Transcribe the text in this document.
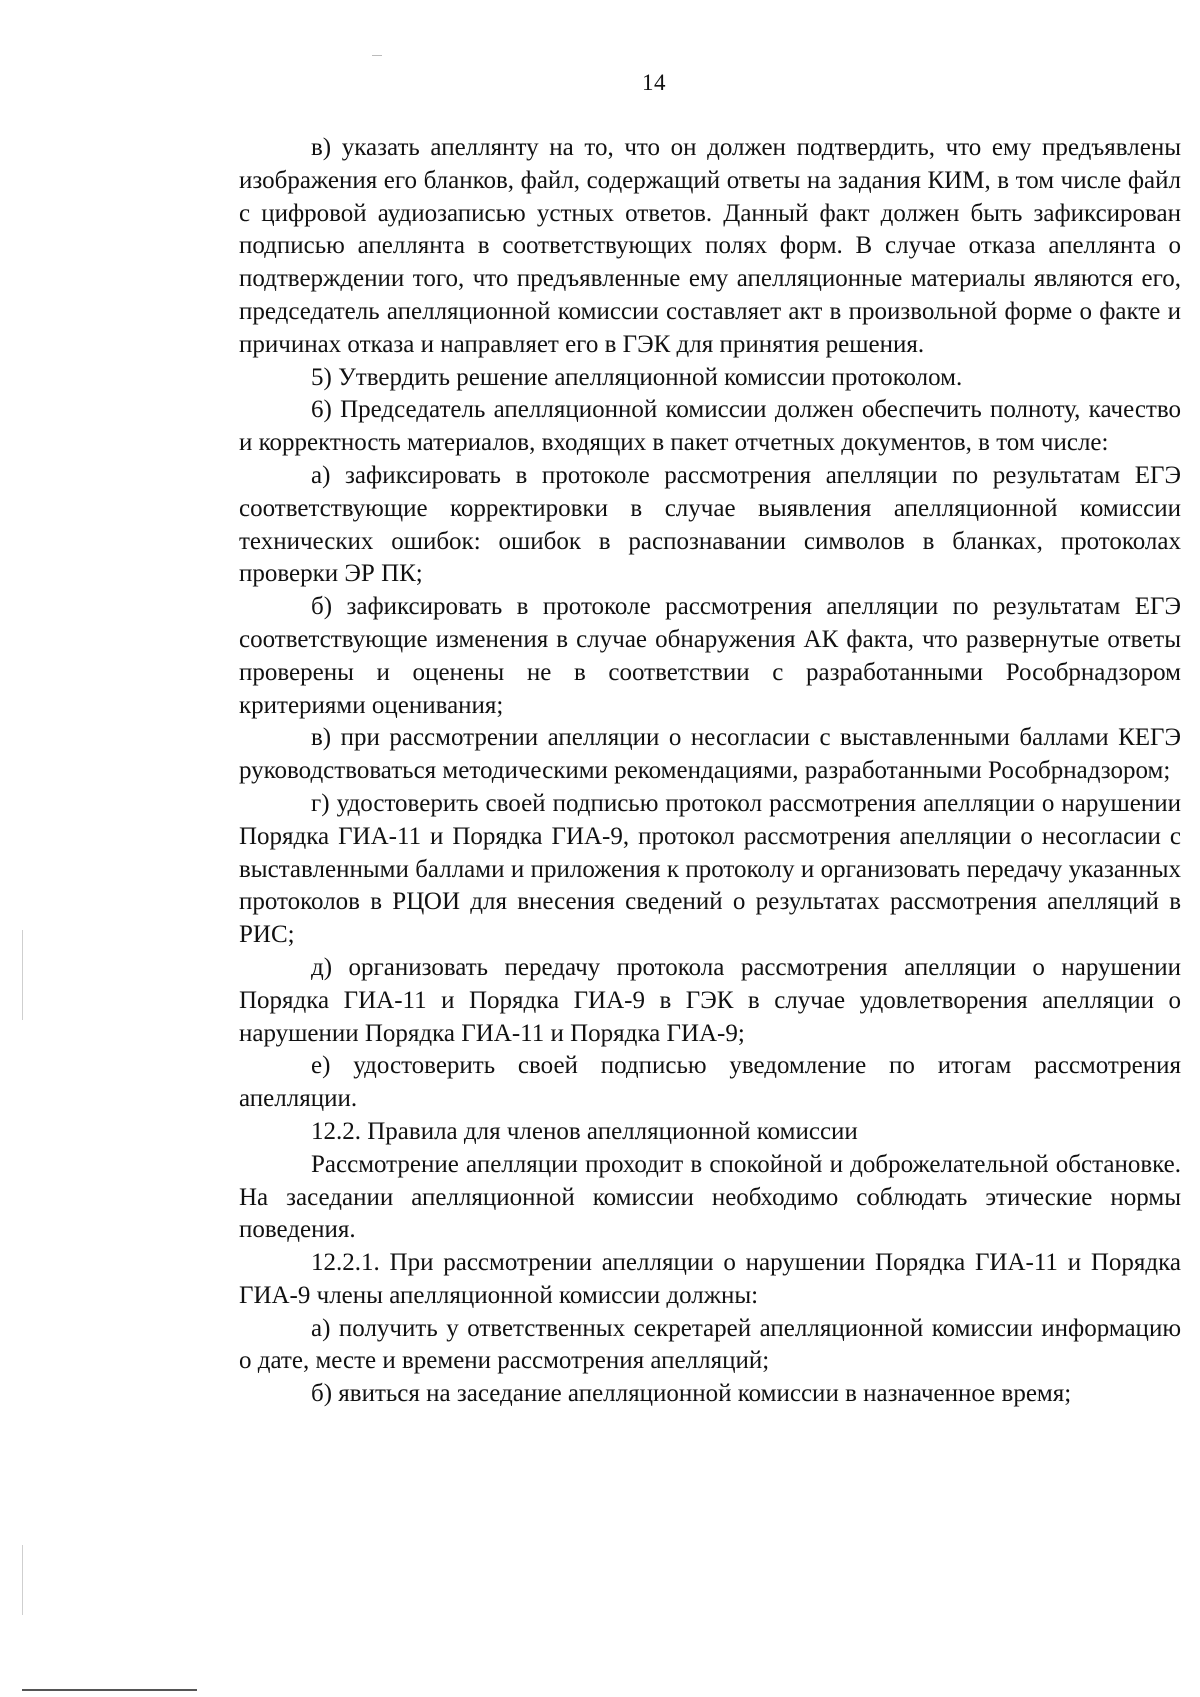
14

в) указать апеллянту на то, что он должен подтвердить, что ему предъявлены изображения его бланков, файл, содержащий ответы на задания КИМ, в том числе файл с цифровой аудиозаписью устных ответов. Данный факт должен быть зафиксирован подписью апеллянта в соответствующих полях форм. В случае отказа апеллянта о подтверждении того, что предъявленные ему апелляционные материалы являются его, председатель апелляционной комиссии составляет акт в произвольной форме о факте и причинах отказа и направляет его в ГЭК для принятия решения.

5) Утвердить решение апелляционной комиссии протоколом.

6) Председатель апелляционной комиссии должен обеспечить полноту, качество и корректность материалов, входящих в пакет отчетных документов, в том числе:

а) зафиксировать в протоколе рассмотрения апелляции по результатам ЕГЭ соответствующие корректировки в случае выявления апелляционной комиссии технических ошибок: ошибок в распознавании символов в бланках, протоколах проверки ЭР ПК;

б) зафиксировать в протоколе рассмотрения апелляции по результатам ЕГЭ соответствующие изменения в случае обнаружения АК факта, что развернутые ответы проверены и оценены не в соответствии с разработанными Рособрнадзором критериями оценивания;

в) при рассмотрении апелляции о несогласии с выставленными баллами КЕГЭ руководствоваться методическими рекомендациями, разработанными Рособрнадзором;

г) удостоверить своей подписью протокол рассмотрения апелляции о нарушении Порядка ГИА-11 и Порядка ГИА-9, протокол рассмотрения апелляции о несогласии с выставленными баллами и приложения к протоколу и организовать передачу указанных протоколов в РЦОИ для внесения сведений о результатах рассмотрения апелляций в РИС;

д) организовать передачу протокола рассмотрения апелляции о нарушении Порядка ГИА-11 и Порядка ГИА-9 в ГЭК в случае удовлетворения апелляции о нарушении Порядка ГИА-11 и Порядка ГИА-9;

е) удостоверить своей подписью уведомление по итогам рассмотрения апелляции.

12.2. Правила для членов апелляционной комиссии

Рассмотрение апелляции проходит в спокойной и доброжелательной обстановке. На заседании апелляционной комиссии необходимо соблюдать этические нормы поведения.

12.2.1. При рассмотрении апелляции о нарушении Порядка ГИА-11 и Порядка ГИА-9 члены апелляционной комиссии должны:

а) получить у ответственных секретарей апелляционной комиссии информацию о дате, месте и времени рассмотрения апелляций;

б) явиться на заседание апелляционной комиссии в назначенное время;
